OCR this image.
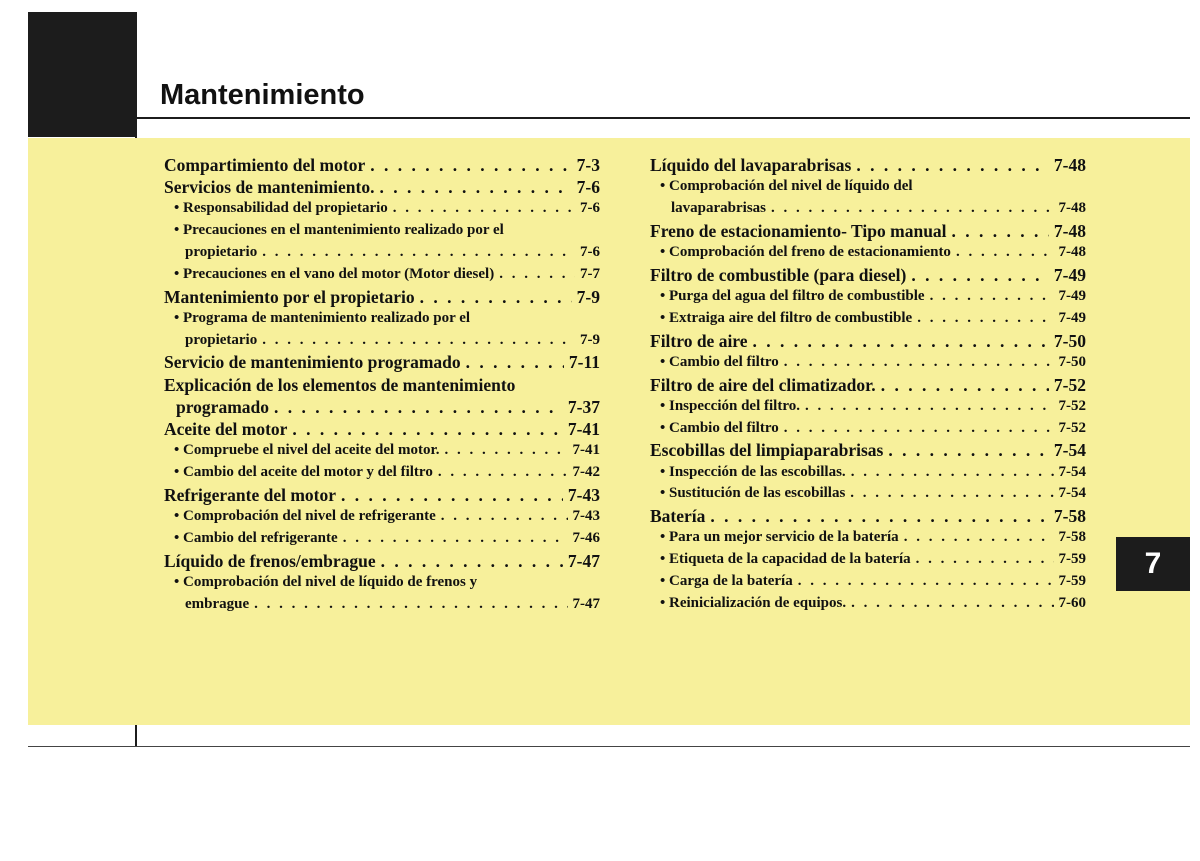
Mantenimiento
7
Compartimiento del motor . . .	7-3
Servicios de mantenimiento. . . .	7-6
• Responsabilidad del propietario . . .	7-6
• Precauciones en el mantenimiento realizado por el
propietario . . .	7-6
• Precauciones en el vano del motor (Motor diesel) . . .	7-7
Mantenimiento por el propietario . . .	7-9
• Programa de mantenimiento realizado por el
propietario . . .	7-9
Servicio de mantenimiento programado . . .	7-11
Explicación de los elementos de mantenimiento
programado . . .	7-37
Aceite del motor . . .	7-41
• Compruebe el nivel del aceite del motor. . . .	7-41
• Cambio del aceite del motor y del filtro . . .	7-42
Refrigerante del motor . . .	7-43
• Comprobación del nivel de refrigerante . . .	7-43
• Cambio del refrigerante . . .	7-46
Líquido de frenos/embrague . . .	7-47
• Comprobación del nivel de líquido de frenos y
embrague . . .	7-47
Líquido del lavaparabrisas . . .	7-48
• Comprobación del nivel de líquido del
lavaparabrisas . . .	7-48
Freno de estacionamiento- Tipo manual . . .	7-48
• Comprobación del freno de estacionamiento . . .	7-48
Filtro de combustible (para diesel) . . .	7-49
• Purga del agua del filtro de combustible . . .	7-49
• Extraiga aire del filtro de combustible . . .	7-49
Filtro de aire . . .	7-50
• Cambio del filtro . . .	7-50
Filtro de aire del climatizador. . . .	7-52
• Inspección del filtro. . . .	7-52
• Cambio del filtro . . .	7-52
Escobillas del limpiaparabrisas . . .	7-54
• Inspección de las escobillas. . . .	7-54
• Sustitución de las escobillas . . .	7-54
Batería . . .	7-58
• Para un mejor servicio de la batería . . .	7-58
• Etiqueta de la capacidad de la batería . . .	7-59
• Carga de la batería . . .	7-59
• Reinicialización de equipos. . . .	7-60
